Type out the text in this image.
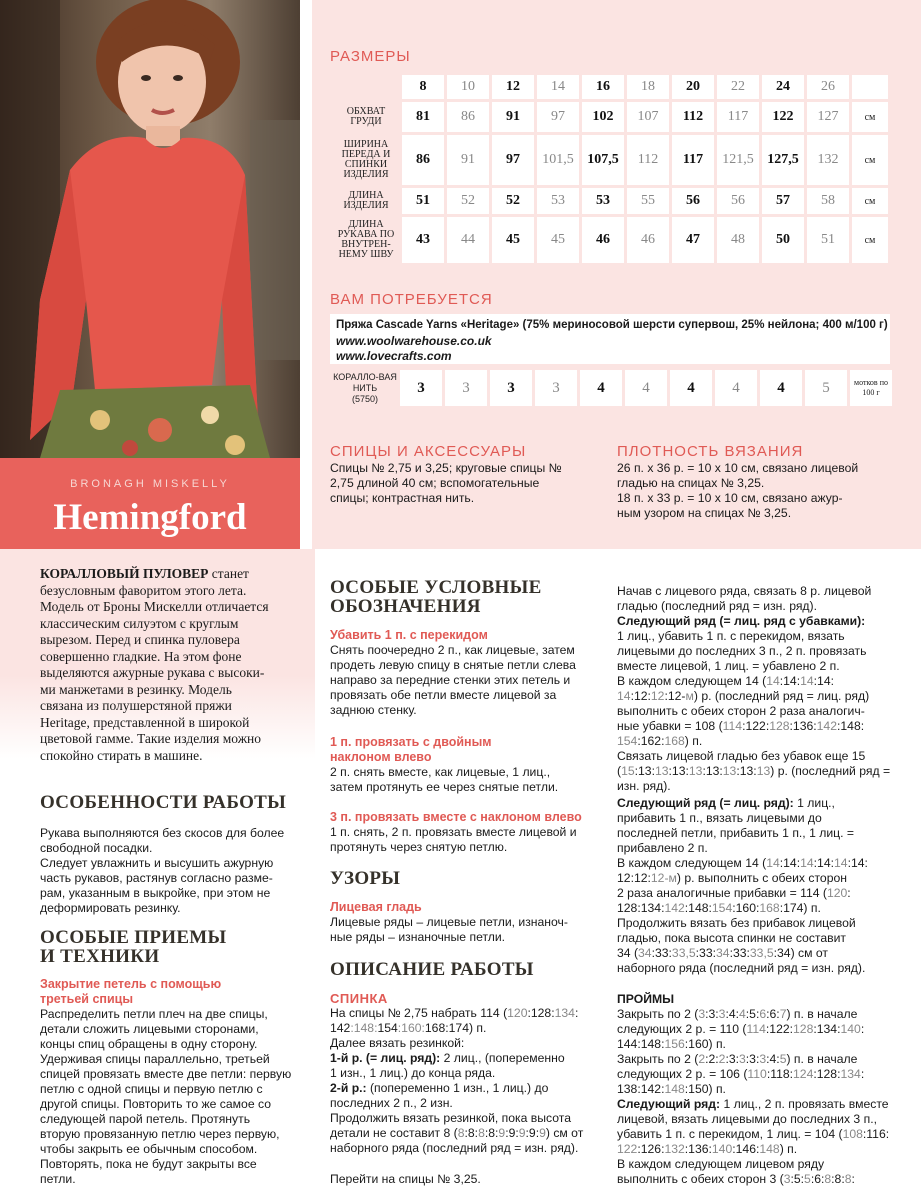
BRONAGH MISKELLY
Hemingford
РАЗМЕРЫ
	8	10	12	14	16	18	20	22	24	26	
ОБХВАТ ГРУДИ	81	86	91	97	102	107	112	117	122	127	см
ШИРИНА ПЕРЕДА И СПИНКИ ИЗДЕЛИЯ	86	91	97	101,5	107,5	112	117	121,5	127,5	132	см
ДЛИНА ИЗДЕЛИЯ	51	52	52	53	53	55	56	56	57	58	см
ДЛИНА РУКАВА ПО ВНУТРЕН-НЕМУ ШВУ	43	44	45	45	46	46	47	48	50	51	см
ВАМ ПОТРЕБУЕТСЯ
Пряжа Cascade Yarns «Heritage» (75% мериносовой шерсти супервош, 25% нейлона; 400 м/100 г)
www.woolwarehouse.co.uk
www.lovecrafts.com
КОРАЛЛО-ВАЯ НИТЬ
(5750)	3	3	3	3	4	4	4	4	4	5	мотков по 100 г
СПИЦЫ И АКСЕССУАРЫ
Спицы № 2,75 и 3,25; круговые спицы № 2,75 длиной 40 см; вспомогательные спицы; контрастная нить.
ПЛОТНОСТЬ ВЯЗАНИЯ
26 п. х 36 р. = 10 х 10 см, связано лицевой
гладью на спицах № 3,25.
18 п. х 33 р. = 10 х 10 см, связано ажур-
ным узором на спицах № 3,25.
КОРАЛЛОВЫЙ ПУЛОВЕР станет
безусловным фаворитом этого лета.
Модель от Броны Мискелли отличается
классическим силуэтом с круглым
вырезом. Перед и спинка пуловера
совершенно гладкие. На этом фоне
выделяются ажурные рукава с высоки-
ми манжетами в резинку. Модель
связана из полушерстяной пряжи
Heritage, представленной в широкой
цветовой гамме. Такие изделия можно
спокойно стирать в машине.
ОСОБЕННОСТИ РАБОТЫ
Рукава выполняются без скосов для более
свободной посадки.
Следует увлажнить и высушить ажурную
часть рукавов, растянув согласно разме-
рам, указанным в выкройке, при этом не
деформировать резинку.
ОСОБЫЕ ПРИЕМЫ
И ТЕХНИКИ
Закрытие петель с помощью
третьей спицы
Распределить петли плеч на две спицы,
детали сложить лицевыми сторонами,
концы спиц обращены в одну сторону.
Удерживая спицы параллельно, третьей
спицей провязать вместе две петли: первую
петлю с одной спицы и первую петлю с
другой спицы. Повторить то же самое со
следующей парой петель. Протянуть
вторую провязанную петлю через первую,
чтобы закрыть ее обычным способом.
Повторять, пока не будут закрыты все
петли.
ОСОБЫЕ УСЛОВНЫЕ
ОБОЗНАЧЕНИЯ
Убавить 1 п. с перекидом
Снять поочередно 2 п., как лицевые, затем
продеть левую спицу в снятые петли слева
направо за передние стенки этих петель и
провязать обе петли вместе лицевой за
заднюю стенку.
1 п. провязать с двойным
наклоном влево
2 п. снять вместе, как лицевые, 1 лиц.,
затем протянуть ее через снятые петли.
3 п. провязать вместе с наклоном влево
1 п. снять, 2 п. провязать вместе лицевой и
протянуть через снятую петлю.
УЗОРЫ
Лицевая гладь
Лицевые ряды – лицевые петли, изнаноч-
ные ряды – изнаночные петли.
ОПИСАНИЕ РАБОТЫ
СПИНКА
На спицы № 2,75 набрать 114 (120:128:134:
142:148:154:160:168:174) п.
Далее вязать резинкой:
1-й р. (= лиц. ряд): 2 лиц., (попеременно
1 изн., 1 лиц.) до конца ряда.
2-й р.: (попеременно 1 изн., 1 лиц.) до
последних 2 п., 2 изн.
Продолжить вязать резинкой, пока высота
детали не составит 8 (8:8:8:8:9:9:9:9:9) см от
наборного ряда (последний ряд = изн. ряд).
Перейти на спицы № 3,25.
Начав с лицевого ряда, связать 8 р. лицевой
гладью (последний ряд = изн. ряд).
Следующий ряд (= лиц. ряд с убавками):
1 лиц., убавить 1 п. с перекидом, вязать
лицевыми до последних 3 п., 2 п. провязать
вместе лицевой, 1 лиц. = убавлено 2 п.
В каждом следующем 14 (14:14:14:14:
14:12:12:12-м) р. (последний ряд = лиц. ряд)
выполнить с обеих сторон 2 раза аналогич-
ные убавки = 108 (114:122:128:136:142:148:
154:162:168) п.
Связать лицевой гладью без убавок еще 15
(15:13:13:13:13:13:13:13:13) р. (последний ряд =
изн. ряд).
Следующий ряд (= лиц. ряд): 1 лиц.,
прибавить 1 п., вязать лицевыми до
последней петли, прибавить 1 п., 1 лиц. =
прибавлено 2 п.
В каждом следующем 14 (14:14:14:14:14:14:
12:12:12-м) р. выполнить с обеих сторон
2 раза аналогичные прибавки = 114 (120:
128:134:142:148:154:160:168:174) п.
Продолжить вязать без прибавок лицевой
гладью, пока высота спинки не составит
34 (34:33:33,5:33:34:33:33,5:34) см от
наборного ряда (последний ряд = изн. ряд).
ПРОЙМЫ
Закрыть по 2 (3:3:3:4:4:5:6:6:7) п. в начале
следующих 2 р. = 110 (114:122:128:134:140:
144:148:156:160) п.
Закрыть по 2 (2:2:2:3:3:3:3:4:5) п. в начале
следующих 2 р. = 106 (110:118:124:128:134:
138:142:148:150) п.
Следующий ряд: 1 лиц., 2 п. провязать вместе
лицевой, вязать лицевыми до последних 3 п.,
убавить 1 п. с перекидом, 1 лиц. = 104 (108:116:
122:126:132:136:140:146:148) п.
В каждом следующем лицевом ряду
выполнить с обеих сторон 3 (3:5:5:6:8:8:8:
